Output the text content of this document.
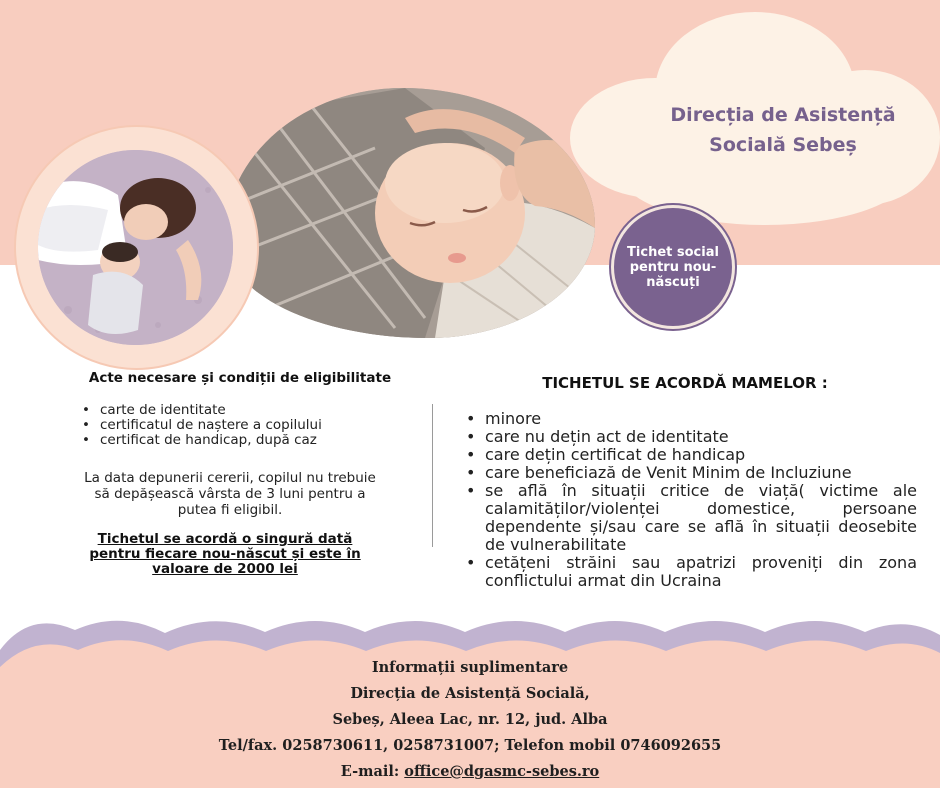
Direcția de Asistență
Socială Sebeș
Tichet social pentru nou-născuți
Acte necesare și condiții de eligibilitate
• carte de identitate
• certificatul de naștere a copilului
• certificat de handicap, după caz
La data depunerii cererii, copilul nu trebuie să depășească vârsta de 3 luni pentru a putea fi eligibil.
Tichetul se acordă o singură dată pentru fiecare nou-născut și este în valoare de 2000 lei
TICHETUL SE ACORDĂ MAMELOR :
• minore
• care nu dețin act de identitate
• care dețin certificat de handicap
• care beneficiază de Venit Minim de Incluziune
• se află în situații critice de viață( victime ale calamităților/violenței domestice, persoane dependente și/sau care se află în situații deosebite de vulnerabilitate
• cetățeni străini sau apatrizi proveniți din zona conflictului armat din Ucraina
Informații suplimentare
Direcția de Asistență Socială,
Sebeș, Aleea Lac, nr. 12, jud. Alba
Tel/fax. 0258730611, 0258731007; Telefon mobil 0746092655
E-mail: office@dgasmc-sebes.ro
